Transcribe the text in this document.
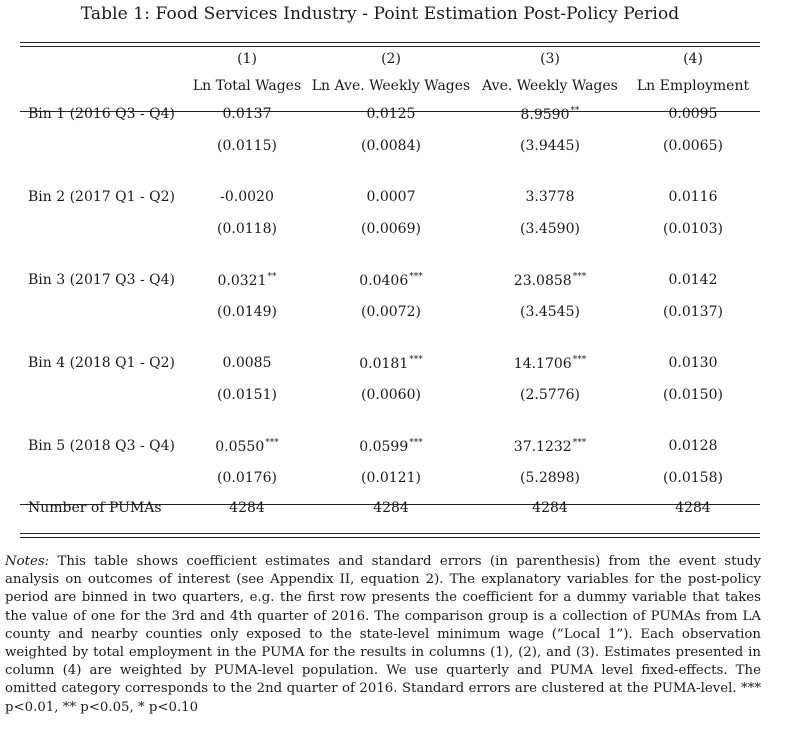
Table 1: Food Services Industry - Point Estimation Post-Policy Period
	(1)	(2)	(3)	(4)
	Ln Total Wages	Ln Ave. Weekly Wages	Ave. Weekly Wages	Ln Employment
Bin 1 (2016 Q3 - Q4)	0.0137	0.0125	8.9590**	0.0095
	(0.0115)	(0.0084)	(3.9445)	(0.0065)

Bin 2 (2017 Q1 - Q2)	-0.0020	0.0007	3.3778	0.0116
	(0.0118)	(0.0069)	(3.4590)	(0.0103)

Bin 3 (2017 Q3 - Q4)	0.0321**	0.0406***	23.0858***	0.0142
	(0.0149)	(0.0072)	(3.4545)	(0.0137)

Bin 4 (2018 Q1 - Q2)	0.0085	0.0181***	14.1706***	0.0130
	(0.0151)	(0.0060)	(2.5776)	(0.0150)

Bin 5 (2018 Q3 - Q4)	0.0550***	0.0599***	37.1232***	0.0128
	(0.0176)	(0.0121)	(5.2898)	(0.0158)
Number of PUMAs	4284	4284	4284	4284
Notes: This table shows coefficient estimates and standard errors (in parenthesis) from the event study analysis on outcomes of interest (see Appendix II, equation 2). The explanatory variables for the post-policy period are binned in two quarters, e.g. the first row presents the coefficient for a dummy variable that takes the value of one for the 3rd and 4th quarter of 2016. The comparison group is a collection of PUMAs from LA county and nearby counties only exposed to the state-level minimum wage (“Local 1”). Each observation weighted by total employment in the PUMA for the results in columns (1), (2), and (3). Estimates presented in column (4) are weighted by PUMA-level population. We use quarterly and PUMA level fixed-effects. The omitted category corresponds to the 2nd quarter of 2016. Standard errors are clustered at the PUMA-level. *** p<0.01, ** p<0.05, * p<0.10
